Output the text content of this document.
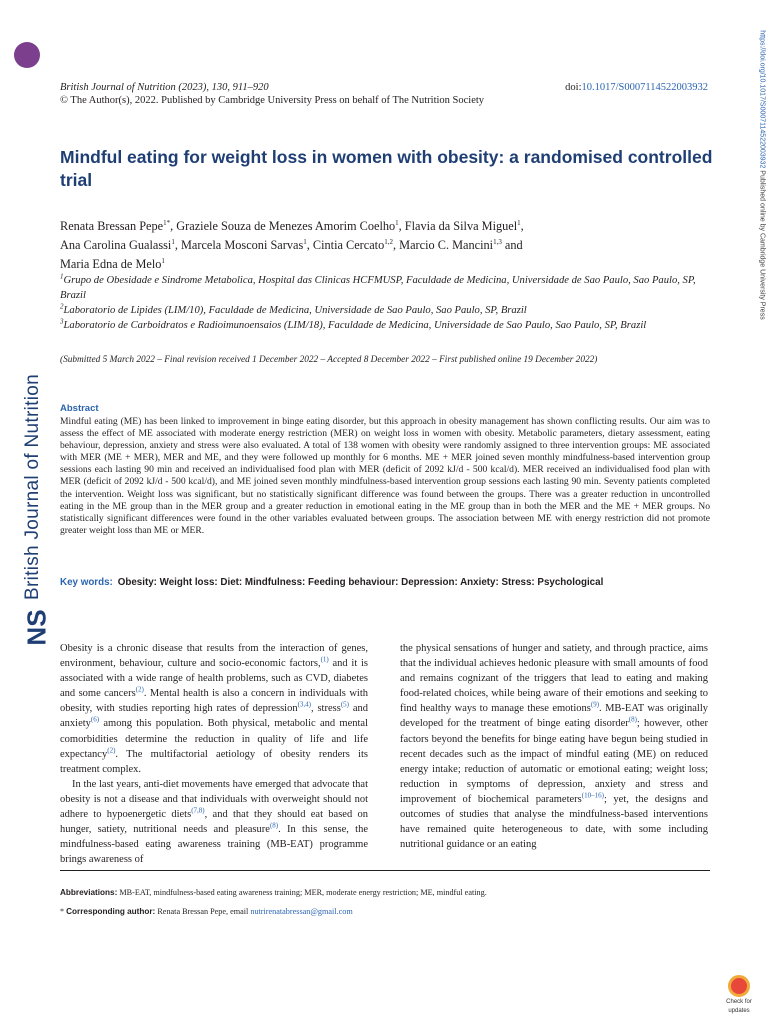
British Journal of Nutrition
NS
https://doi.org/10.1017/S0007114522003932 Published online by Cambridge University Press
British Journal of Nutrition (2023), 130, 911–920
© The Author(s), 2022. Published by Cambridge University Press on behalf of The Nutrition Society
doi:10.1017/S0007114522003932
Mindful eating for weight loss in women with obesity: a randomised controlled trial
Renata Bressan Pepe$^{1*}$, Graziele Souza de Menezes Amorim Coelho$^1$, Flavia da Silva Miguel$^1$,
Ana Carolina Gualassi$^1$, Marcela Mosconi Sarvas$^1$, Cintia Cercato$^{1,2}$, Marcio C. Mancini$^{1,3}$ and
Maria Edna de Melo$^1$
$^1$Grupo de Obesidade e Sindrome Metabolica, Hospital das Clinicas HCFMUSP, Faculdade de Medicina, Universidade de Sao Paulo, Sao Paulo, SP, Brazil
$^2$Laboratorio de Lipides (LIM/10), Faculdade de Medicina, Universidade de Sao Paulo, Sao Paulo, SP, Brazil
$^3$Laboratorio de Carboidratos e Radioimunoensaios (LIM/18), Faculdade de Medicina, Universidade de Sao Paulo, Sao Paulo, SP, Brazil
(Submitted 5 March 2022 – Final revision received 1 December 2022 – Accepted 8 December 2022 – First published online 19 December 2022)
Abstract
Mindful eating (ME) has been linked to improvement in binge eating disorder, but this approach in obesity management has shown conflicting results. Our aim was to assess the effect of ME associated with moderate energy restriction (MER) on weight loss in women with obesity. Metabolic parameters, dietary assessment, eating behaviour, depression, anxiety and stress were also evaluated. A total of 138 women with obesity were randomly assigned to three intervention groups: ME associated with MER (ME + MER), MER and ME, and they were followed up monthly for 6 months. ME + MER joined seven monthly mindfulness-based intervention group sessions each lasting 90 min and received an individualised food plan with MER (deficit of 2092 kJ/d - 500 kcal/d). MER received an individualised food plan with MER (deficit of 2092 kJ/d - 500 kcal/d), and ME joined seven monthly mindfulness-based intervention group sessions each lasting 90 min. Seventy patients completed the intervention. Weight loss was significant, but no statistically significant difference was found between the groups. There was a greater reduction in uncontrolled eating in the ME group than in the MER group and a greater reduction in emotional eating in the ME group than in both the MER and the ME + MER groups. No statistically significant differences were found in the other variables evaluated between groups. The association between ME with energy restriction did not promote greater weight loss than ME or MER.
Key words: Obesity: Weight loss: Diet: Mindfulness: Feeding behaviour: Depression: Anxiety: Stress: Psychological

Obesity is a chronic disease that results from the interaction of genes, environment, behaviour, culture and socio-economic factors,$^{(1)}$ and it is associated with a wide range of health problems, such as CVD, diabetes and some cancers$^{(2)}$. Mental health is also a concern in individuals with obesity, with studies reporting high rates of depression$^{(3,4)}$, stress$^{(5)}$ and anxiety$^{(6)}$ among this population. Both physical, metabolic and mental comorbidities determine the reduction in quality of life and life expectancy$^{(2)}$. The multifactorial aetiology of obesity renders its treatment complex.

In the last years, anti-diet movements have emerged that advocate that obesity is not a disease and that individuals with overweight should not adhere to hypoenergetic diets$^{(7,8)}$, and that they should eat based on hunger, satiety, nutritional needs and pleasure$^{(8)}$. In this sense, the mindfulness-based eating awareness training (MB-EAT) programme brings awareness of

the physical sensations of hunger and satiety, and through practice, aims that the individual achieves hedonic pleasure with small amounts of food and remains cognizant of the triggers that lead to eating and making food-related choices, while being aware of their emotions and seeking to find healthy ways to manage these emotions$^{(9)}$. MB-EAT was originally developed for the treatment of binge eating disorder$^{(8)}$; however, other factors beyond the benefits for binge eating have begun being studied in recent decades such as the impact of mindful eating (ME) on reduced energy intake; reduction of automatic or emotional eating; weight loss; reduction in symptoms of depression, anxiety and stress and improvement of biochemical parameters$^{(10-16)}$; yet, the designs and outcomes of studies that analyse the mindfulness-based interventions have remained quite heterogeneous to date, with some including nutritional guidance or an eating

Abbreviations: MB-EAT, mindfulness-based eating awareness training; MER, moderate energy restriction; ME, mindful eating.
* Corresponding author: Renata Bressan Pepe, email nutrirenatabressan@gmail.com
Check for
updates
